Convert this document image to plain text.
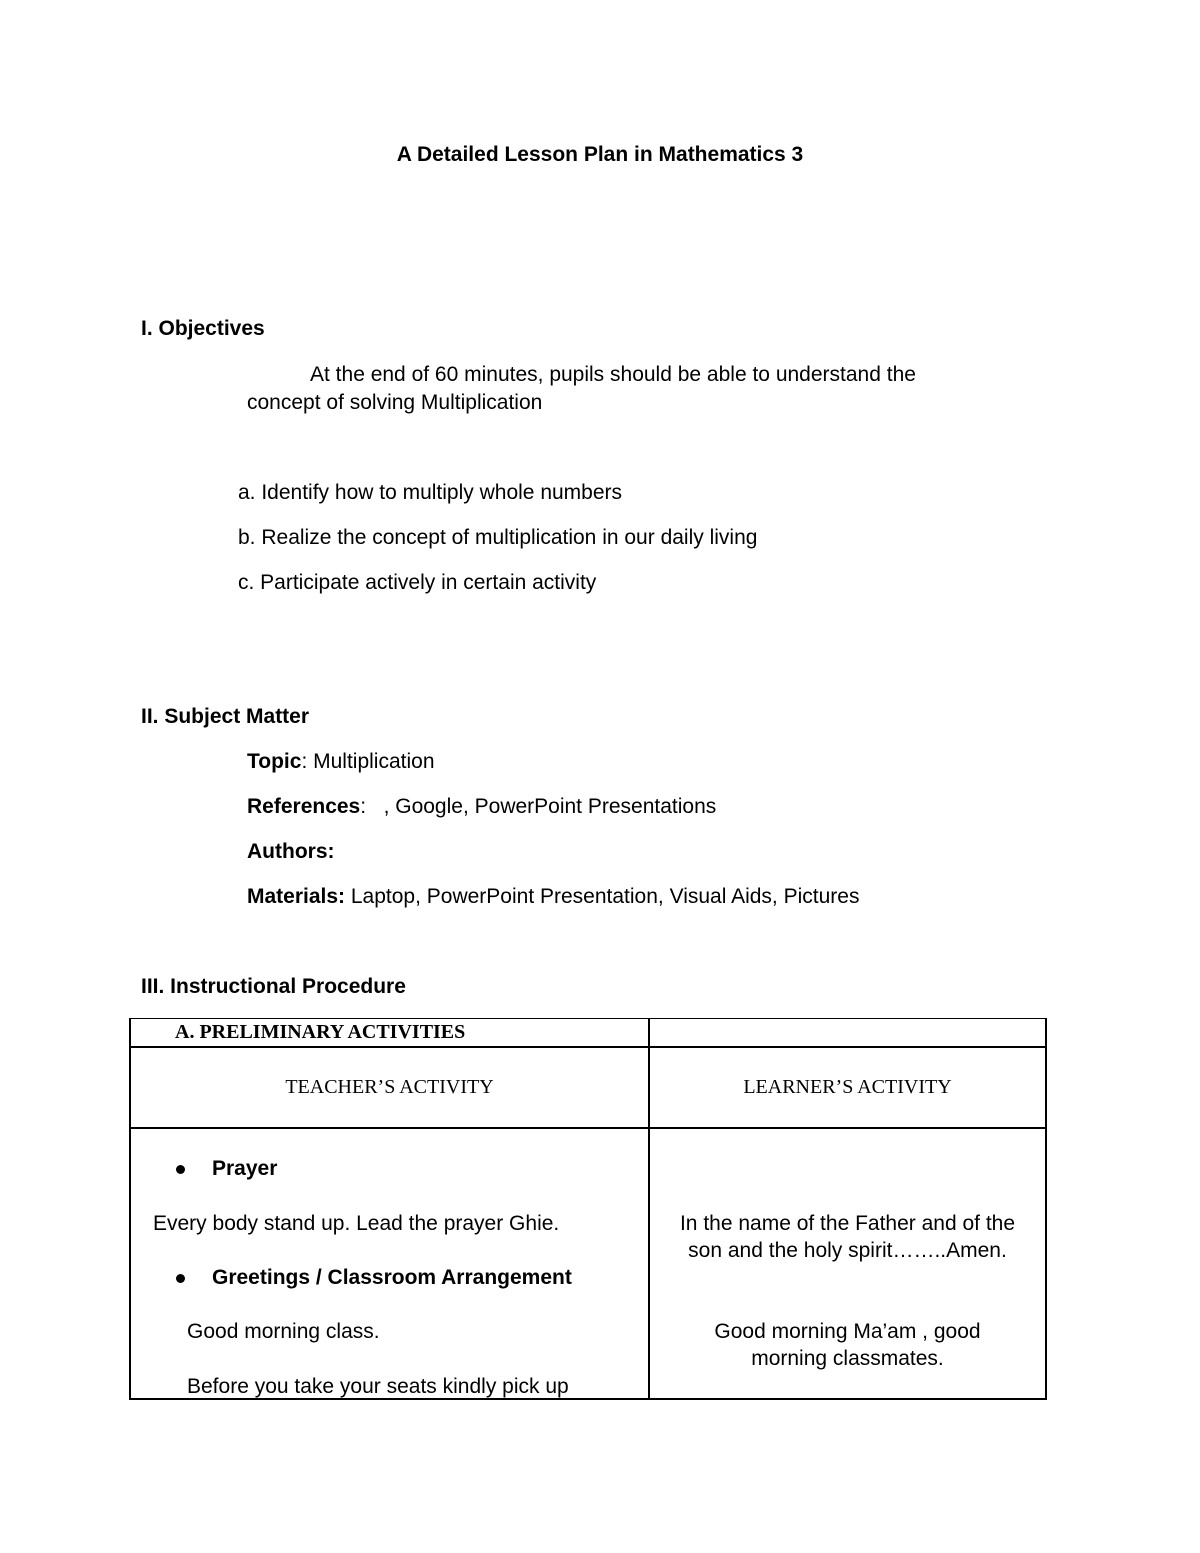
A Detailed Lesson Plan in Mathematics 3
I. Objectives
At the end of 60 minutes, pupils should be able to understand the
concept of solving Multiplication
a. Identify how to multiply whole numbers
b. Realize the concept of multiplication in our daily living
c. Participate actively in certain activity
II. Subject Matter
Topic: Multiplication
References:   , Google, PowerPoint Presentations
Authors:
Materials: Laptop, PowerPoint Presentation, Visual Aids, Pictures
III. Instructional Procedure
A. PRELIMINARY ACTIVITIES
TEACHER’S ACTIVITY	LEARNER’S ACTIVITY
Prayer
Every body stand up. Lead the prayer Ghie.
Greetings / Classroom Arrangement
Good morning class.
Before you take your seats kindly pick up
In the name of the Father and of the
son and the holy spirit……..Amen.
Good morning Ma’am , good
morning classmates.
